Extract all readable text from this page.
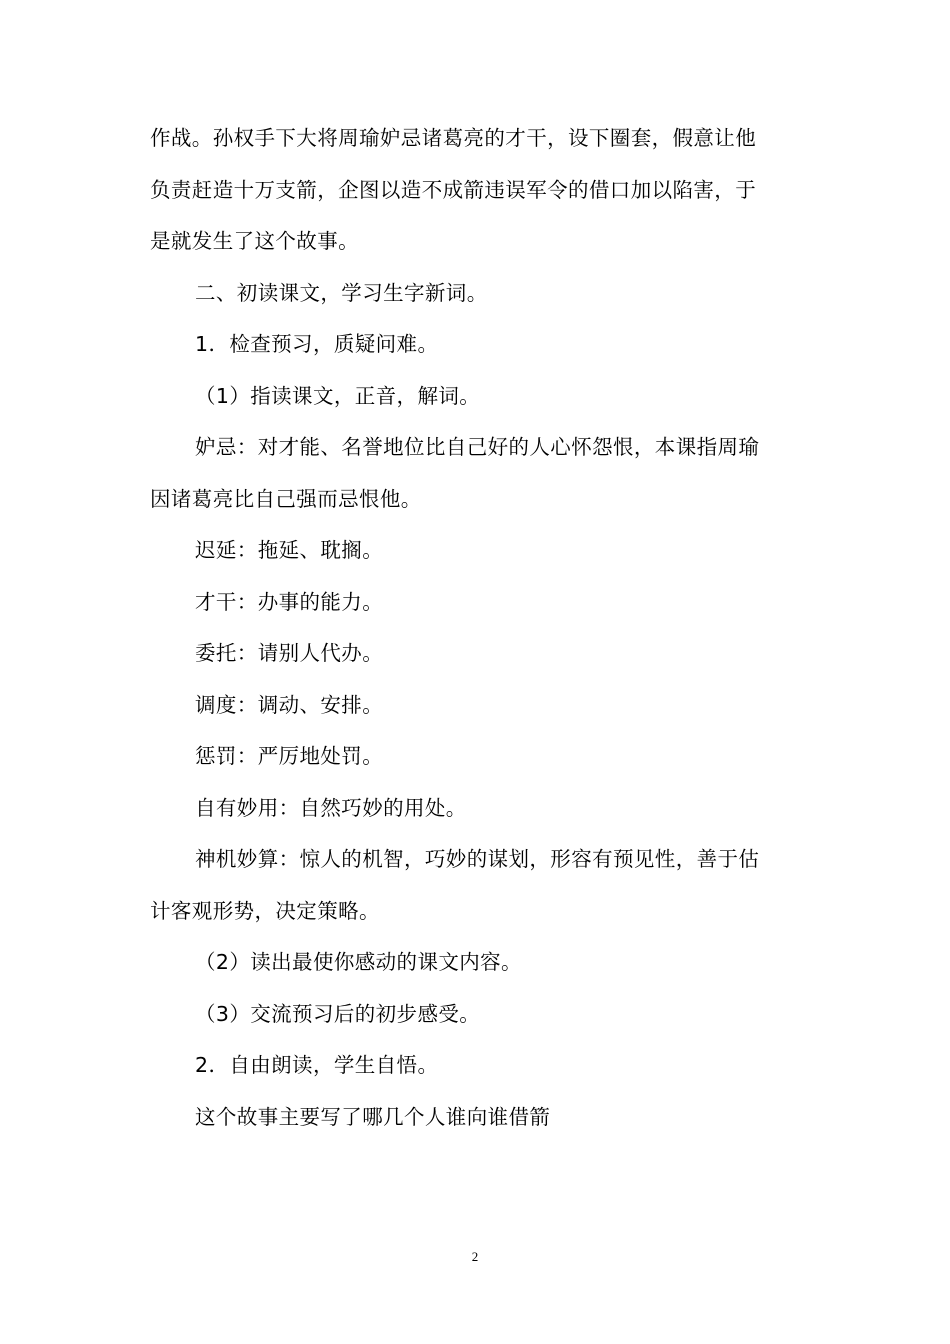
作战。孙权手下大将周瑜妒忌诸葛亮的才干，设下圈套，假意让他
负责赶造十万支箭，企图以造不成箭违误军令的借口加以陷害，于
是就发生了这个故事。
二、初读课文，学习生字新词。
1．检查预习，质疑问难。
（1）指读课文，正音，解词。
妒忌：对才能、名誉地位比自己好的人心怀怨恨，本课指周瑜
因诸葛亮比自己强而忌恨他。
迟延：拖延、耽搁。
才干：办事的能力。
委托：请别人代办。
调度：调动、安排。
惩罚：严厉地处罚。
自有妙用：自然巧妙的用处。
神机妙算：惊人的机智，巧妙的谋划，形容有预见性，善于估
计客观形势，决定策略。
（2）读出最使你感动的课文内容。
（3）交流预习后的初步感受。
2．自由朗读，学生自悟。
这个故事主要写了哪几个人谁向谁借箭
2
